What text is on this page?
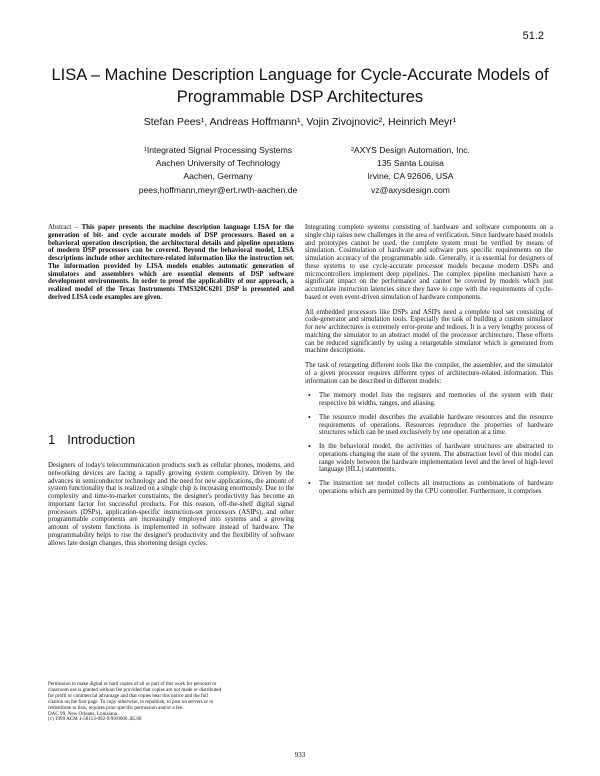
51.2
LISA – Machine Description Language for Cycle-Accurate Models of Programmable DSP Architectures
Stefan Pees¹, Andreas Hoffmann¹, Vojin Zivojnovic², Heinrich Meyr¹
¹Integrated Signal Processing Systems
Aachen University of Technology
Aachen, Germany
pees,hoffmann,meyr@ert.rwth-aachen.de
²AXYS Design Automation, Inc.
135 Santa Louisa
Irvine, CA 92606, USA
vz@axysdesign.com

Abstract – This paper presents the machine description language LISA for the generation of bit- and cycle accurate models of DSP processors. Based on a behavioral operation description, the architectural details and pipeline operations of modern DSP processors can be covered. Beyond the behavioral model, LISA descriptions include other architecture-related information like the instruction set. The information provided by LISA models enables automatic generation of simulators and assemblers which are essential elements of DSP software development environments. In order to proof the applicability of our approach, a realized model of the Texas Instruments TMS320C6201 DSP is presented and derived LISA code examples are given.

1 Introduction

Designers of today's telecommunication products such as cellular phones, modems, and networking devices are facing a rapidly growing system complexity. Driven by the advances in semiconductor technology and the need for new applications, the amount of system functionality that is realized on a single chip is increasing enormously. Due to the complexity and time-to-market constraints, the designer's productivity has become an important factor for successful products. For this reason, off-the-shelf digital signal processors (DSPs), application-specific instruction-set processors (ASIPs), and other programmable components are increasingly employed into systems and a growing amount of system functions is implemented in software instead of hardware. The programmability helps to rise the designer's productivity and the flexibility of software allows late design changes, thus shortening design cycles.

Permission to make digital or hard copies of all or part of this work for personal or
classroom use is granted without fee provided that copies are not made or distributed
for profit or commercial advantage and that copies bear this notice and the full
citation on the first page. To copy otherwise, to republish, to post on servers or to
redistribute to lists, requires prior specific permission and/or a fee.
DAC 99, New Orleans, Louisiana
(c) 1999 ACM 1-58113-092-9/99/0006..$5.00

Integrating complete systems consisting of hardware and software components on a single chip raises new challenges in the area of verification. Since hardware based models and prototypes cannot be used, the complete system must be verified by means of simulation. Cosimulation of hardware and software puts specific requirements on the simulation accuracy of the programmable side. Generally, it is essential for designers of these systems to use cycle-accurate processor models because modern DSPs and microcontrollers implement deep pipelines. The complex pipeline mechanism have a significant impact on the performance and cannot be covered by models which just accumulate instruction latencies since they have to cope with the requirements of cycle-based or even event-driven simulation of hardware components.

All embedded processors like DSPs and ASIPs need a complete tool set consisting of code-generator and simulation tools. Especially the task of building a custom simulator for new architectures is extremely error-prone and tedious. It is a very lengthy process of matching the simulator to an abstract model of the processor architecture. These efforts can be reduced significantly by using a retargetable simulator which is generated from machine descriptions.

The task of retargeting different tools like the compiler, the assembler, and the simulator of a given processor requires different types of architecture-related information. This information can be described in different models:

• The memory model lists the registers and memories of the system with their respective bit widths, ranges, and aliasing.
• The resource model describes the available hardware resources and the resource requirements of operations. Resources reproduce the properties of hardware structures which can be used exclusively by one operation at a time.
• In the behavioral model, the activities of hardware structures are abstracted to operations changing the state of the system. The abstraction level of this model can range widely between the hardware implementation level and the level of high-level language (HLL) statements.
• The instruction set model collects all instructions as combinations of hardware operations which are permitted by the CPU controller. Furthermore, it comprises
933
